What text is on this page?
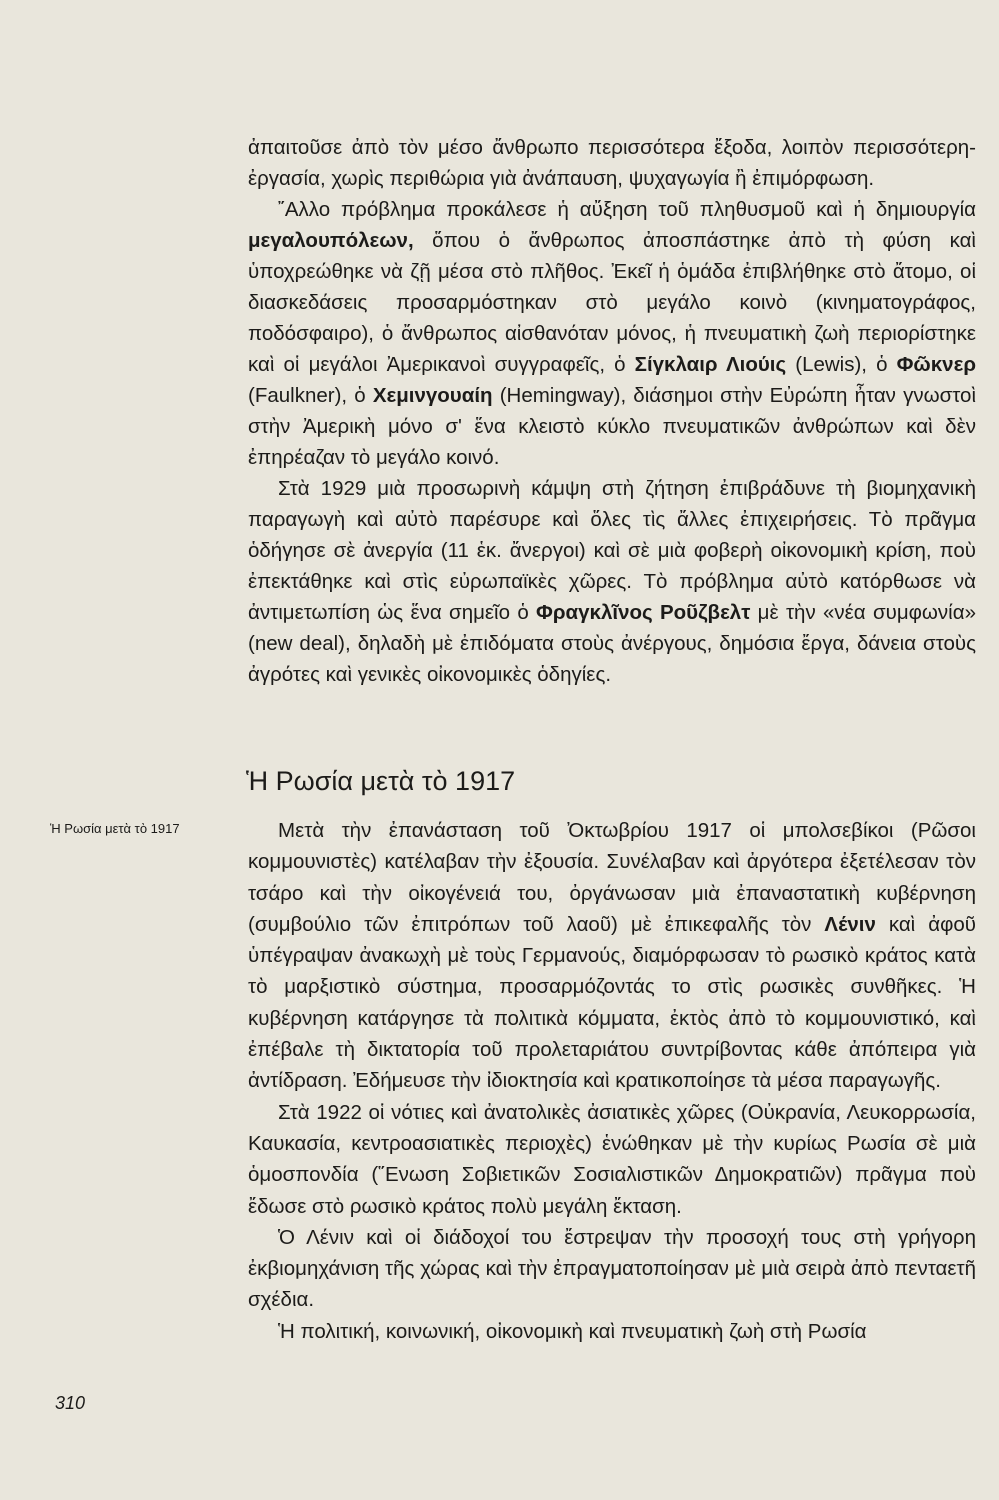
ἀπαιτοῦσε ἀπὸ τὸν μέσο ἄνθρωπο περισσότερα ἔξοδα, λοιπὸν περισσότερη-ἐργασία, χωρὶς περιθώρια γιὰ ἀνάπαυση, ψυχαγωγία ἢ ἐπιμόρφωση.

῎Αλλο πρόβλημα προκάλεσε ἡ αὔξηση τοῦ πληθυσμοῦ καὶ ἡ δημιουργία μεγαλουπόλεων, ὅπου ὁ ἄνθρωπος ἀποσπάστηκε ἀπὸ τὴ φύση καὶ ὑποχρεώθηκε νὰ ζῇ μέσα στὸ πλῆθος. Ἐκεῖ ἡ ὁμάδα ἐπιβλήθηκε στὸ ἄτομο, οἱ διασκεδάσεις προσαρμόστηκαν στὸ μεγάλο κοινὸ (κινηματογράφος, ποδόσφαιρο), ὁ ἄνθρωπος αἰσθανόταν μόνος, ἡ πνευματικὴ ζωὴ περιορίστηκε καὶ οἱ μεγάλοι Ἀμερικανοὶ συγγραφεῖς, ὁ Σίγκλαιρ Λιούις (Lewis), ὁ Φῶκνερ (Faulkner), ὁ Χεμινγουαίη (Hemingway), διάσημοι στὴν Εὐρώπη ἦταν γνωστοὶ στὴν Ἀμερικὴ μόνο σ' ἕνα κλειστὸ κύκλο πνευματικῶν ἀνθρώπων καὶ δὲν ἐπηρέαζαν τὸ μεγάλο κοινό.

Στὰ 1929 μιὰ προσωρινὴ κάμψη στὴ ζήτηση ἐπιβράδυνε τὴ βιομηχανικὴ παραγωγὴ καὶ αὐτὸ παρέσυρε καὶ ὅλες τὶς ἄλλες ἐπιχειρήσεις. Τὸ πρᾶγμα ὁδήγησε σὲ ἀνεργία (11 ἑκ. ἄνεργοι) καὶ σὲ μιὰ φοβερὴ οἰκονομικὴ κρίση, ποὺ ἐπεκτάθηκε καὶ στὶς εὐρωπαϊκὲς χῶρες. Τὸ πρόβλημα αὐτὸ κατόρθωσε νὰ ἀντιμετωπίση ὡς ἕνα σημεῖο ὁ Φραγκλῖνος Ροῦζβελτ μὲ τὴν «νέα συμφωνία» (new deal), δηλαδὴ μὲ ἐπιδόματα στοὺς ἀνέργους, δημόσια ἔργα, δάνεια στοὺς ἀγρότες καὶ γενικὲς οἰκονομικὲς ὁδηγίες.

Ἡ Ρωσία μετὰ τὸ 1917
Ἡ Ρωσία μετὰ τὸ 1917	Μετὰ τὴν ἐπανάσταση τοῦ Ὀκτωβρίου 1917 οἱ μπολσεβίκοι (Ρῶσοι κομμουνιστὲς) κατέλαβαν τὴν ἐξουσία. Συνέλαβαν καὶ ἀργότερα ἐξετέλεσαν τὸν τσάρο καὶ τὴν οἰκογένειά του, ὀργάνωσαν μιὰ ἐπαναστατικὴ κυβέρνηση (συμβούλιο τῶν ἐπιτρόπων τοῦ λαοῦ) μὲ ἐπικεφαλῆς τὸν Λένιν καὶ ἀφοῦ ὑπέγραψαν ἀνακωχὴ μὲ τοὺς Γερμανούς, διαμόρφωσαν τὸ ρωσικὸ κράτος κατὰ τὸ μαρξιστικὸ σύστημα, προσαρμόζοντάς το στὶς ρωσικὲς συνθῆκες. Ἡ κυβέρνηση κατάργησε τὰ πολιτικὰ κόμματα, ἐκτὸς ἀπὸ τὸ κομμουνιστικό, καὶ ἐπέβαλε τὴ δικτατορία τοῦ προλεταριάτου συντρίβοντας κάθε ἀπόπειρα γιὰ ἀντίδραση. Ἐδήμευσε τὴν ἰδιοκτησία καὶ κρατικοποίησε τὰ μέσα παραγωγῆς.

Στὰ 1922 οἱ νότιες καὶ ἀνατολικὲς ἀσιατικὲς χῶρες (Οὐκρανία, Λευκορρωσία, Καυκασία, κεντροασιατικὲς περιοχὲς) ἑνώθηκαν μὲ τὴν κυρίως Ρωσία σὲ μιὰ ὁμοσπονδία (῞Ενωση Σοβιετικῶν Σοσιαλιστικῶν Δημοκρατιῶν) πρᾶγμα ποὺ ἔδωσε στὸ ρωσικὸ κράτος πολὺ μεγάλη ἔκταση.

Ὁ Λένιν καὶ οἱ διάδοχοί του ἔστρεψαν τὴν προσοχή τους στὴ γρήγορη ἐκβιομηχάνιση τῆς χώρας καὶ τὴν ἐπραγματοποίησαν μὲ μιὰ σειρὰ ἀπὸ πενταετῆ σχέδια.

Ἡ πολιτική, κοινωνική, οἰκονομικὴ καὶ πνευματικὴ ζωὴ στὴ Ρωσία

310
